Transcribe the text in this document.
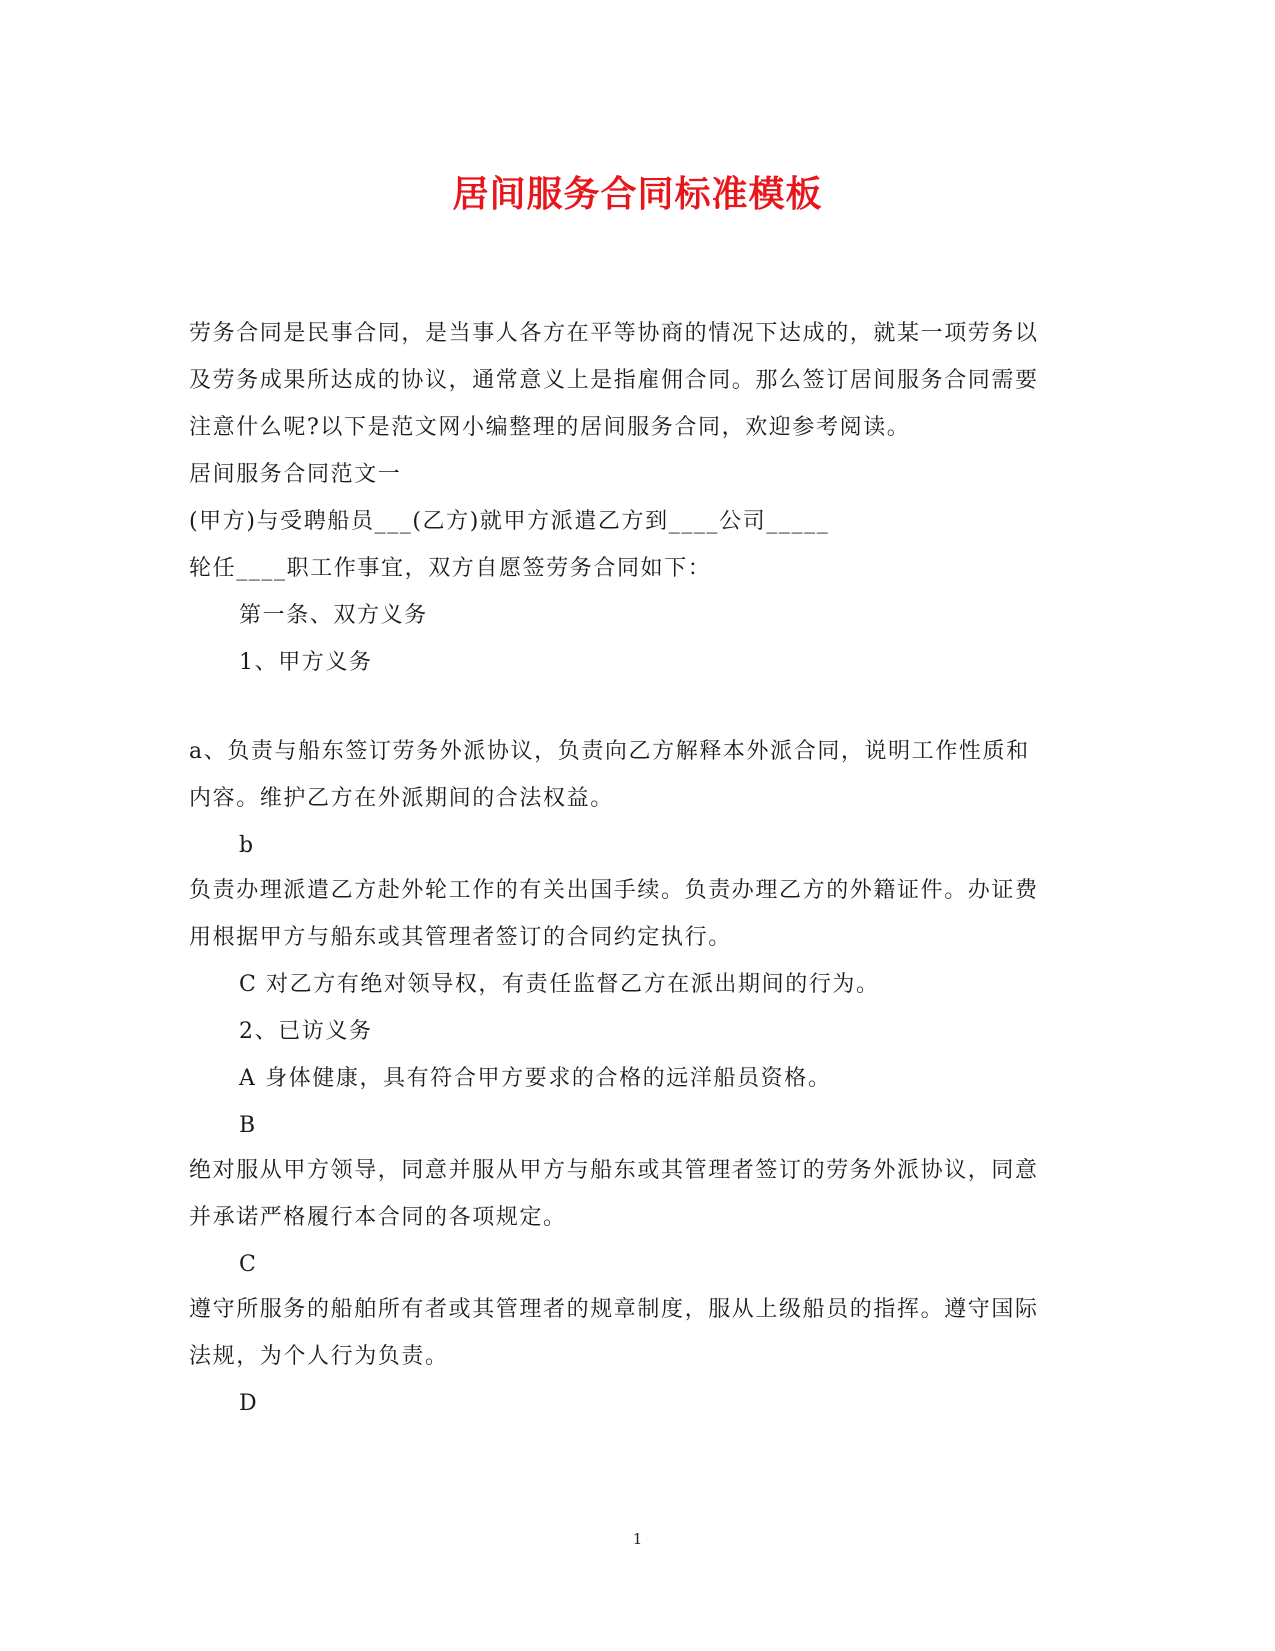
居间服务合同标准模板
劳务合同是民事合同，是当事人各方在平等协商的情况下达成的，就某一项劳务以
及劳务成果所达成的协议，通常意义上是指雇佣合同。那么签订居间服务合同需要
注意什么呢?以下是范文网小编整理的居间服务合同，欢迎参考阅读。
居间服务合同范文一
(甲方)与受聘船员___(乙方)就甲方派遣乙方到____公司_____
轮任____职工作事宜，双方自愿签劳务合同如下：
第一条、双方义务
1、甲方义务
a、负责与船东签订劳务外派协议，负责向乙方解释本外派合同，说明工作性质和
内容。维护乙方在外派期间的合法权益。
b
负责办理派遣乙方赴外轮工作的有关出国手续。负责办理乙方的外籍证件。办证费
用根据甲方与船东或其管理者签订的合同约定执行。
C 对乙方有绝对领导权，有责任监督乙方在派出期间的行为。
2、已访义务
A 身体健康，具有符合甲方要求的合格的远洋船员资格。
B
绝对服从甲方领导，同意并服从甲方与船东或其管理者签订的劳务外派协议，同意
并承诺严格履行本合同的各项规定。
C
遵守所服务的船舶所有者或其管理者的规章制度，服从上级船员的指挥。遵守国际
法规，为个人行为负责。
D
1
